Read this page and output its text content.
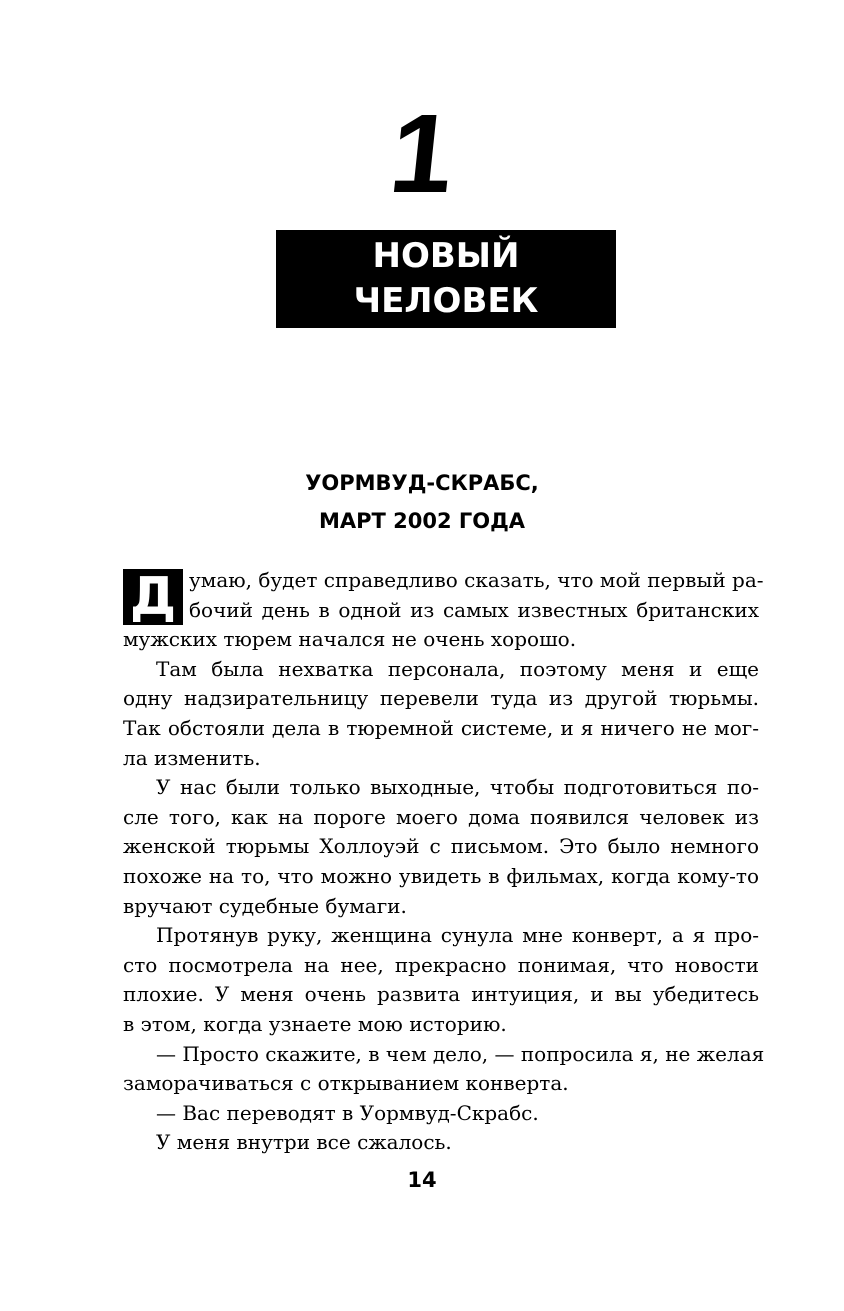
1
НОВЫЙ ЧЕЛОВЕК
В БЛОКЕ
УОРМВУД-СКРАБС,
МАРТ 2002 ГОДА
Д умаю, будет справедливо сказать, что мой первый ра-
бочий день в одной из самых известных британских
мужских тюрем начался не очень хорошо.
Там была нехватка персонала, поэтому меня и еще
одну надзирательницу перевели туда из другой тюрьмы.
Так обстояли дела в тюремной системе, и я ничего не мог-
ла изменить.
У нас были только выходные, чтобы подготовиться по-
сле того, как на пороге моего дома появился человек из
женской тюрьмы Холлоуэй с письмом. Это было немного
похоже на то, что можно увидеть в фильмах, когда кому-то
вручают судебные бумаги.
Протянув руку, женщина сунула мне конверт, а я про-
сто посмотрела на нее, прекрасно понимая, что новости
плохие. У меня очень развита интуиция, и вы убедитесь
в этом, когда узнаете мою историю.
— Просто скажите, в чем дело, — попросила я, не желая
заморачиваться с открыванием конверта.
— Вас переводят в Уормвуд-Скрабс.
У меня внутри все сжалось.
14
